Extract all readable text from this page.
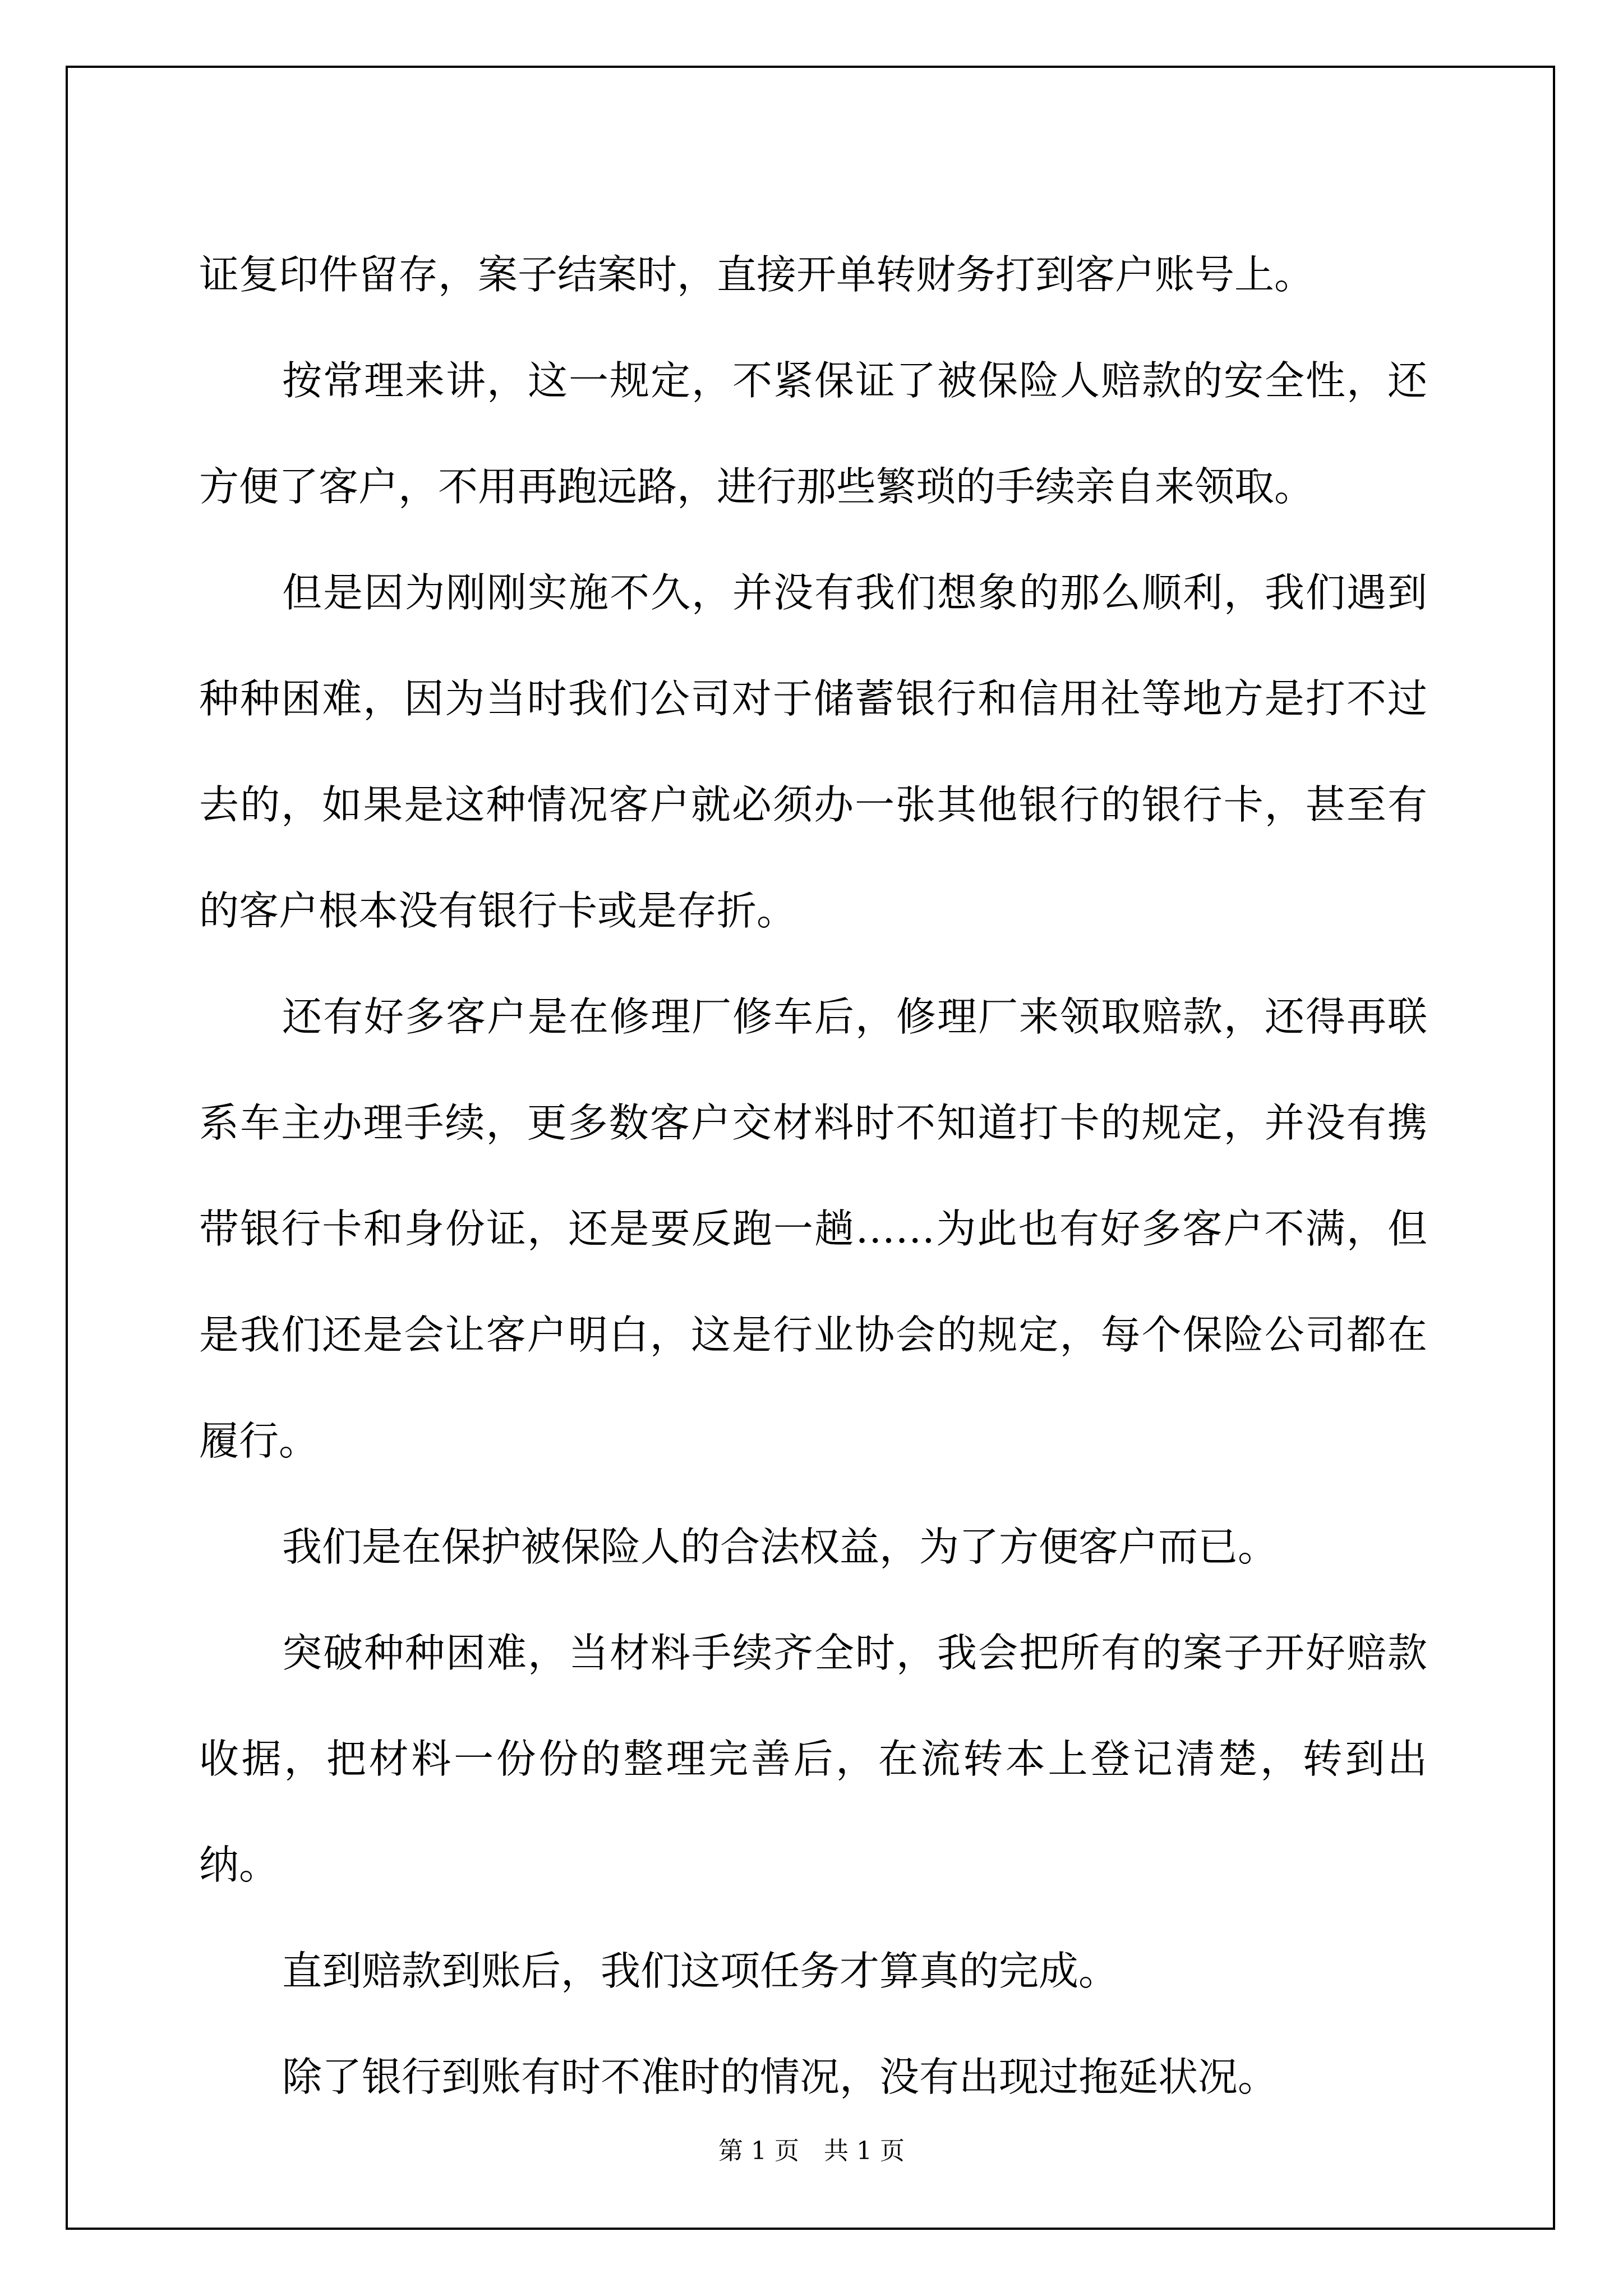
证复印件留存，案子结案时，直接开单转财务打到客户账号上。

按常理来讲，这一规定，不紧保证了被保险人赔款的安全性，还方便了客户，不用再跑远路，进行那些繁琐的手续亲自来领取。

但是因为刚刚实施不久，并没有我们想象的那么顺利，我们遇到种种困难，因为当时我们公司对于储蓄银行和信用社等地方是打不过去的，如果是这种情况客户就必须办一张其他银行的银行卡，甚至有的客户根本没有银行卡或是存折。

还有好多客户是在修理厂修车后，修理厂来领取赔款，还得再联系车主办理手续，更多数客户交材料时不知道打卡的规定，并没有携带银行卡和身份证，还是要反跑一趟……为此也有好多客户不满，但是我们还是会让客户明白，这是行业协会的规定，每个保险公司都在履行。

我们是在保护被保险人的合法权益，为了方便客户而已。

突破种种困难，当材料手续齐全时，我会把所有的案子开好赔款收据，把材料一份份的整理完善后，在流转本上登记清楚，转到出纳。

直到赔款到账后，我们这项任务才算真的完成。

除了银行到账有时不准时的情况，没有出现过拖延状况。

第 1 页　共 1 页
